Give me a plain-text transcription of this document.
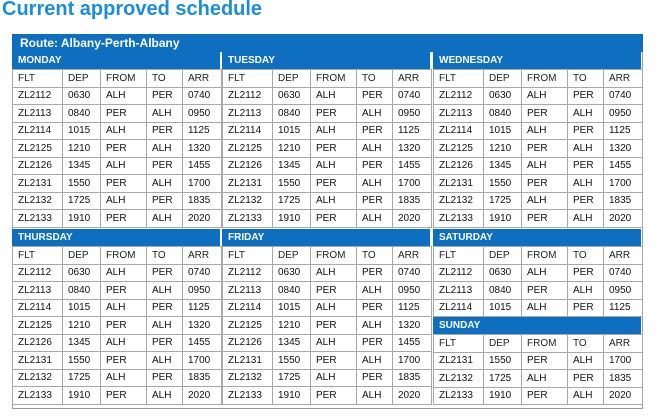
Current approved schedule
Route: Albany-Perth-Albany
MONDAY
FLT	DEP	FROM	TO	ARR
ZL2112	0630	ALH	PER	0740
ZL2113	0840	PER	ALH	0950
ZL2114	1015	ALH	PER	1125
ZL2125	1210	PER	ALH	1320
ZL2126	1345	ALH	PER	1455
ZL2131	1550	PER	ALH	1700
ZL2132	1725	ALH	PER	1835
ZL2133	1910	PER	ALH	2020
TUESDAY
FLT	DEP	FROM	TO	ARR
ZL2112	0630	ALH	PER	0740
ZL2113	0840	PER	ALH	0950
ZL2114	1015	ALH	PER	1125
ZL2125	1210	PER	ALH	1320
ZL2126	1345	ALH	PER	1455
ZL2131	1550	PER	ALH	1700
ZL2132	1725	ALH	PER	1835
ZL2133	1910	PER	ALH	2020
WEDNESDAY
FLT	DEP	FROM	TO	ARR
ZL2112	0630	ALH	PER	0740
ZL2113	0840	PER	ALH	0950
ZL2114	1015	ALH	PER	1125
ZL2125	1210	PER	ALH	1320
ZL2126	1345	ALH	PER	1455
ZL2131	1550	PER	ALH	1700
ZL2132	1725	ALH	PER	1835
ZL2133	1910	PER	ALH	2020
THURSDAY
FLT	DEP	FROM	TO	ARR
ZL2112	0630	ALH	PER	0740
ZL2113	0840	PER	ALH	0950
ZL2114	1015	ALH	PER	1125
ZL2125	1210	PER	ALH	1320
ZL2126	1345	ALH	PER	1455
ZL2131	1550	PER	ALH	1700
ZL2132	1725	ALH	PER	1835
ZL2133	1910	PER	ALH	2020
FRIDAY
FLT	DEP	FROM	TO	ARR
ZL2112	0630	ALH	PER	0740
ZL2113	0840	PER	ALH	0950
ZL2114	1015	ALH	PER	1125
ZL2125	1210	PER	ALH	1320
ZL2126	1345	ALH	PER	1455
ZL2131	1550	PER	ALH	1700
ZL2132	1725	ALH	PER	1835
ZL2133	1910	PER	ALH	2020
SATURDAY
FLT	DEP	FROM	TO	ARR
ZL2112	0630	ALH	PER	0740
ZL2113	0840	PER	ALH	0950
ZL2114	1015	ALH	PER	1125
SUNDAY
FLT	DEP	FROM	TO	ARR
ZL2131	1550	PER	ALH	1700
ZL2132	1725	ALH	PER	1835
ZL2133	1910	PER	ALH	2020
